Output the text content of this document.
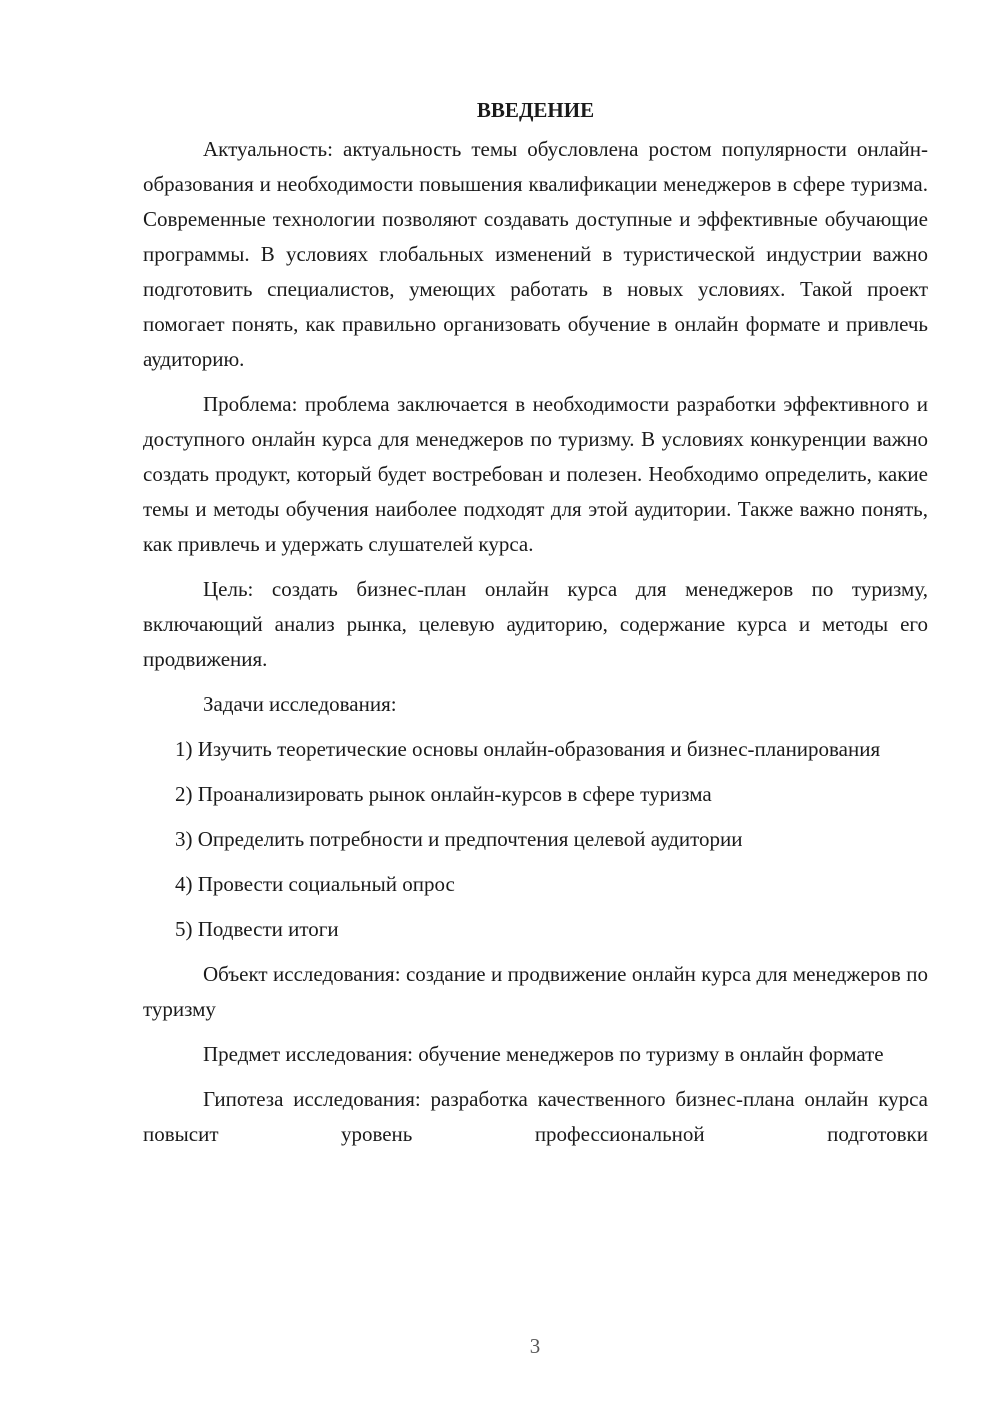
ВВЕДЕНИЕ

Актуальность: актуальность темы обусловлена ростом популярности онлайн-образования и необходимости повышения квалификации менеджеров в сфере туризма. Современные технологии позволяют создавать доступные и эффективные обучающие программы. В условиях глобальных изменений в туристической индустрии важно подготовить специалистов, умеющих работать в новых условиях. Такой проект помогает понять, как правильно организовать обучение в онлайн формате и привлечь аудиторию.

Проблема: проблема заключается в необходимости разработки эффективного и доступного онлайн курса для менеджеров по туризму. В условиях конкуренции важно создать продукт, который будет востребован и полезен. Необходимо определить, какие темы и методы обучения наиболее подходят для этой аудитории. Также важно понять, как привлечь и удержать слушателей курса.

Цель: создать бизнес-план онлайн курса для менеджеров по туризму, включающий анализ рынка, целевую аудиторию, содержание курса и методы его продвижения.

Задачи исследования:

1) Изучить теоретические основы онлайн-образования и бизнес-планирования

2) Проанализировать рынок онлайн-курсов в сфере туризма

3) Определить потребности и предпочтения целевой аудитории

4) Провести социальный опрос

5) Подвести итоги

Объект исследования: создание и продвижение онлайн курса для менеджеров по туризму

Предмет исследования: обучение менеджеров по туризму в онлайн формате

Гипотеза исследования: разработка качественного бизнес-плана онлайн курса повысит уровень профессиональной подготовки

3
